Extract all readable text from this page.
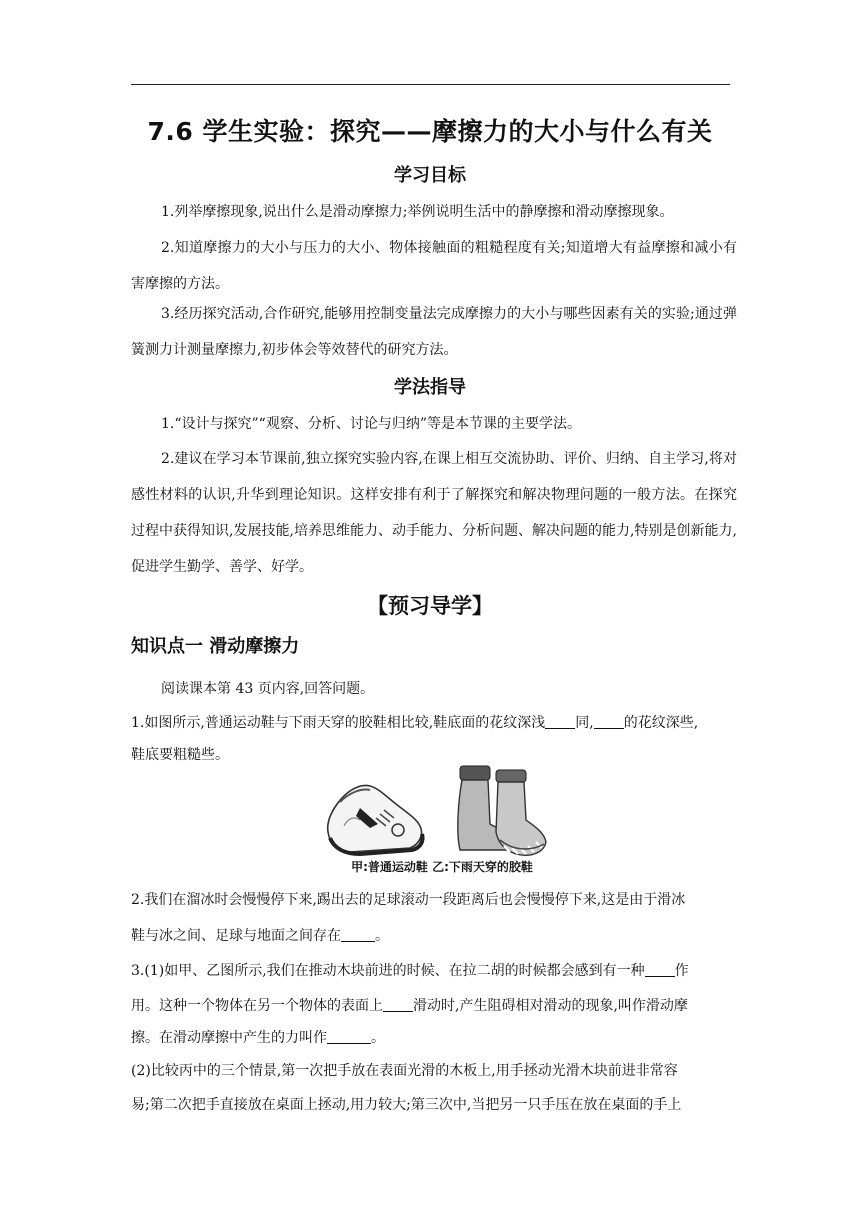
7.6 学生实验：探究——摩擦力的大小与什么有关
学习目标
1.列举摩擦现象,说出什么是滑动摩擦力;举例说明生活中的静摩擦和滑动摩擦现象。
2.知道摩擦力的大小与压力的大小、物体接触面的粗糙程度有关;知道增大有益摩擦和减小有害摩擦的方法。
3.经历探究活动,合作研究,能够用控制变量法完成摩擦力的大小与哪些因素有关的实验;通过弹簧测力计测量摩擦力,初步体会等效替代的研究方法。
学法指导
1.“设计与探究”“观察、分析、讨论与归纳”等是本节课的主要学法。
2.建议在学习本节课前,独立探究实验内容,在课上相互交流协助、评价、归纳、自主学习,将对感性材料的认识,升华到理论知识。这样安排有利于了解探究和解决物理问题的一般方法。在探究过程中获得知识,发展技能,培养思维能力、动手能力、分析问题、解决问题的能力,特别是创新能力,促进学生勤学、善学、好学。
【预习导学】
知识点一 滑动摩擦力
阅读课本第 43 页内容,回答问题。
1.如图所示,普通运动鞋与下雨天穿的胶鞋相比较,鞋底面的花纹深浅 同, 的花纹深些,
鞋底要粗糙些。
甲:普通运动鞋 乙:下雨天穿的胶鞋
2.我们在溜冰时会慢慢停下来,踢出去的足球滚动一段距离后也会慢慢停下来,这是由于滑冰
鞋与冰之间、足球与地面之间存在 。
3.(1)如甲、乙图所示,我们在推动木块前进的时候、在拉二胡的时候都会感到有一种 作
用。这种一个物体在另一个物体的表面上 滑动时,产生阻碍相对滑动的现象,叫作滑动摩
擦。在滑动摩擦中产生的力叫作	。
(2)比较丙中的三个情景,第一次把手放在表面光滑的木板上,用手拯动光滑木块前进非常容
易;第二次把手直接放在桌面上拯动,用力较大;第三次中,当把另一只手压在放在桌面的手上
